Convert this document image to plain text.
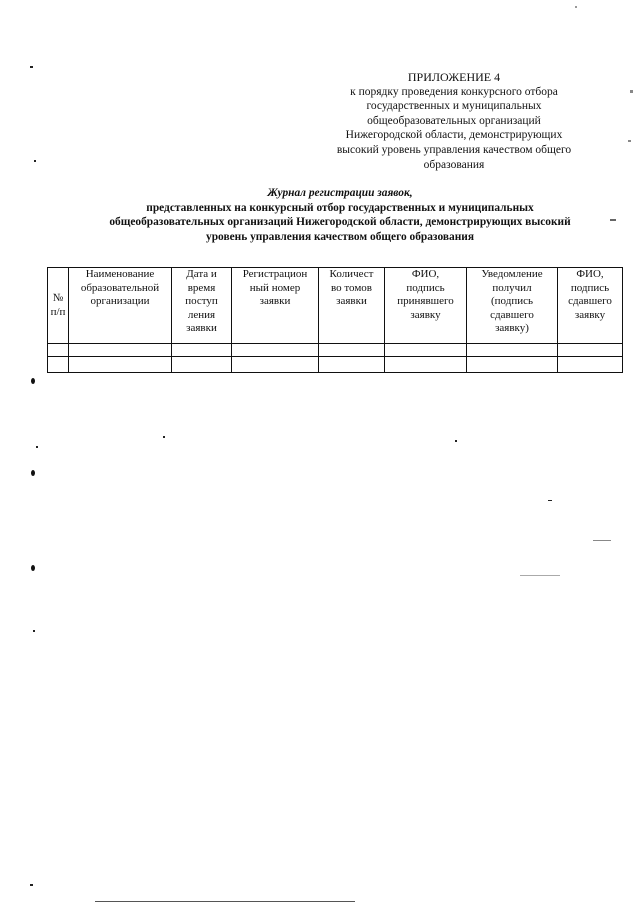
ПРИЛОЖЕНИЕ 4
к порядку проведения конкурсного отбора
государственных и муниципальных
общеобразовательных организаций
Нижегородской области, демонстрирующих
высокий уровень управления качеством общего
образования
Журнал регистрации заявок,
представленных на конкурсный отбор государственных и муниципальных
общеобразовательных организаций Нижегородской области, демонстрирующих высокий
уровень управления качеством общего образования
№
п/п	Наименование
образовательной
организации	Дата и
время
поступ
ления
заявки	Регистрацион
ный номер
заявки	Количест
во томов
заявки	ФИО,
подпись
принявшего
заявку	Уведомление
получил
(подпись
сдавшего
заявку)	ФИО,
подпись
сдавшего
заявку
